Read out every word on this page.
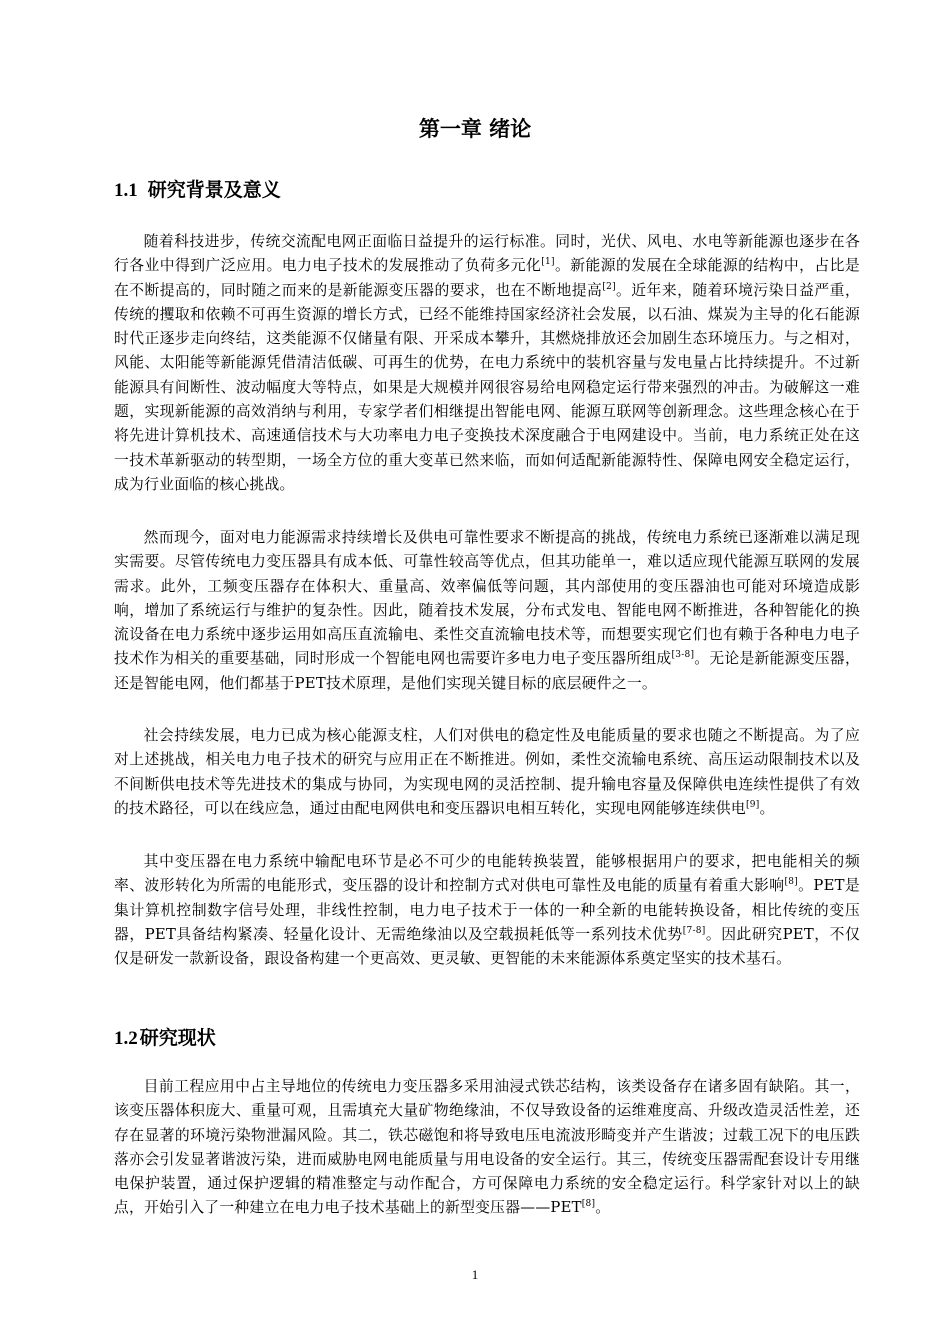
第一章 绪论
1.1 研究背景及意义

随着科技进步，传统交流配电网正面临日益提升的运行标准。同时，光伏、风电、水电等新能源也逐步在各行各业中得到广泛应用。电力电子技术的发展推动了负荷多元化[1]。新能源的发展在全球能源的结构中，占比是在不断提高的，同时随之而来的是新能源变压器的要求，也在不断地提高[2]。近年来，随着环境污染日益严重，传统的攫取和依赖不可再生资源的增长方式，已经不能维持国家经济社会发展，以石油、煤炭为主导的化石能源时代正逐步走向终结，这类能源不仅储量有限、开采成本攀升，其燃烧排放还会加剧生态环境压力。与之相对，风能、太阳能等新能源凭借清洁低碳、可再生的优势，在电力系统中的装机容量与发电量占比持续提升。不过新能源具有间断性、波动幅度大等特点，如果是大规模并网很容易给电网稳定运行带来强烈的冲击。为破解这一难题，实现新能源的高效消纳与利用，专家学者们相继提出智能电网、能源互联网等创新理念。这些理念核心在于将先进计算机技术、高速通信技术与大功率电力电子变换技术深度融合于电网建设中。当前，电力系统正处在这一技术革新驱动的转型期，一场全方位的重大变革已然来临，而如何适配新能源特性、保障电网安全稳定运行，成为行业面临的核心挑战。

然而现今，面对电力能源需求持续增长及供电可靠性要求不断提高的挑战，传统电力系统已逐渐难以满足现实需要。尽管传统电力变压器具有成本低、可靠性较高等优点，但其功能单一，难以适应现代能源互联网的发展需求。此外，工频变压器存在体积大、重量高、效率偏低等问题，其内部使用的变压器油也可能对环境造成影响，增加了系统运行与维护的复杂性。因此，随着技术发展，分布式发电、智能电网不断推进，各种智能化的换流设备在电力系统中逐步运用如高压直流输电、柔性交直流输电技术等，而想要实现它们也有赖于各种电力电子技术作为相关的重要基础，同时形成一个智能电网也需要许多电力电子变压器所组成[3-8]。无论是新能源变压器，还是智能电网，他们都基于PET技术原理，是他们实现关键目标的底层硬件之一。

社会持续发展，电力已成为核心能源支柱，人们对供电的稳定性及电能质量的要求也随之不断提高。为了应对上述挑战，相关电力电子技术的研究与应用正在不断推进。例如，柔性交流输电系统、高压运动限制技术以及不间断供电技术等先进技术的集成与协同，为实现电网的灵活控制、提升输电容量及保障供电连续性提供了有效的技术路径，可以在线应急，通过由配电网供电和变压器识电相互转化，实现电网能够连续供电[9]。

其中变压器在电力系统中输配电环节是必不可少的电能转换装置，能够根据用户的要求，把电能相关的频率、波形转化为所需的电能形式，变压器的设计和控制方式对供电可靠性及电能的质量有着重大影响[8]。PET是集计算机控制数字信号处理，非线性控制，电力电子技术于一体的一种全新的电能转换设备，相比传统的变压器，PET具备结构紧凑、轻量化设计、无需绝缘油以及空载损耗低等一系列技术优势[7-8]。因此研究PET，不仅仅是研发一款新设备，跟设备构建一个更高效、更灵敏、更智能的未来能源体系奠定坚实的技术基石。

1.2 研究现状

目前工程应用中占主导地位的传统电力变压器多采用油浸式铁芯结构，该类设备存在诸多固有缺陷。其一，该变压器体积庞大、重量可观，且需填充大量矿物绝缘油，不仅导致设备的运维难度高、升级改造灵活性差，还存在显著的环境污染物泄漏风险。其二，铁芯磁饱和将导致电压电流波形畸变并产生谐波；过载工况下的电压跌落亦会引发显著谐波污染，进而威胁电网电能质量与用电设备的安全运行。其三，传统变压器需配套设计专用继电保护装置，通过保护逻辑的精准整定与动作配合，方可保障电力系统的安全稳定运行。科学家针对以上的缺点，开始引入了一种建立在电力电子技术基础上的新型变压器——PET[8]。

1
